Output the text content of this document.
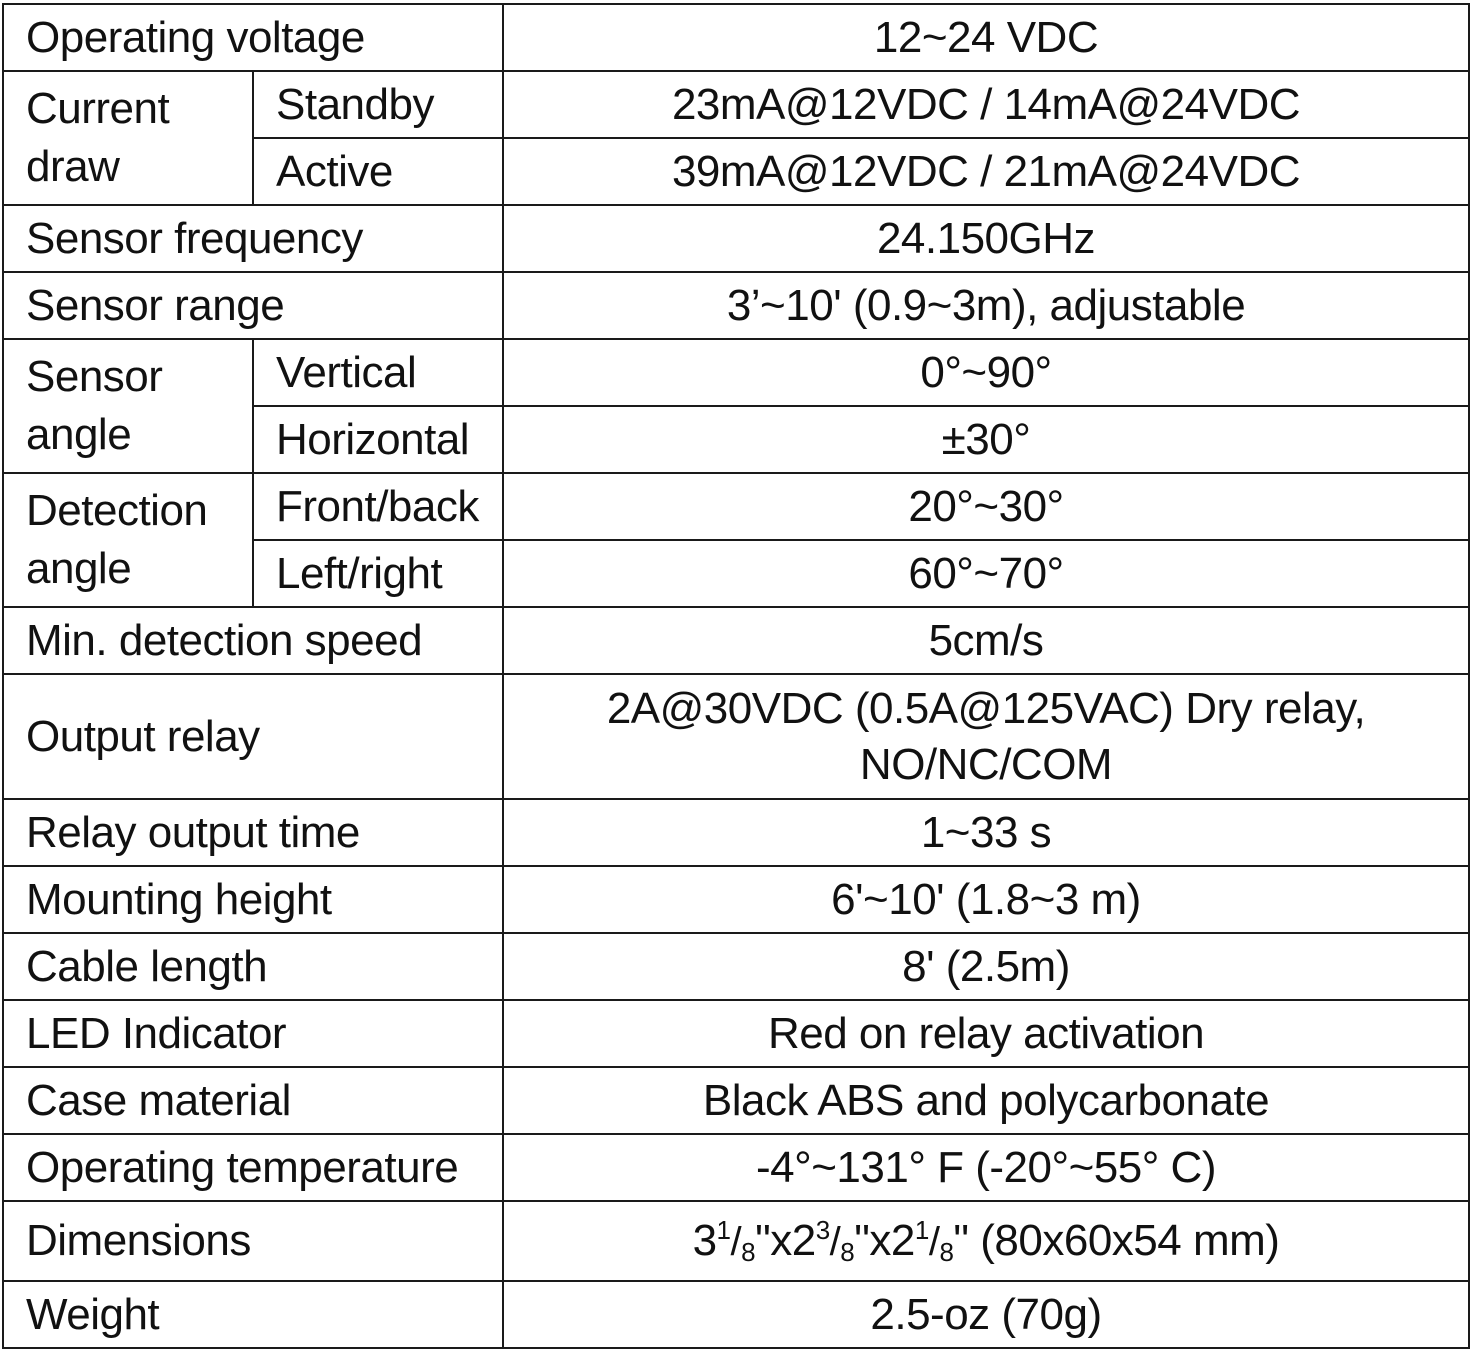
Operating voltage		12~24 VDC
Current
draw	Standby	23mA@12VDC / 14mA@24VDC
	Active	39mA@12VDC / 21mA@24VDC
Sensor frequency		24.150GHz
Sensor range		3’~10' (0.9~3m), adjustable
Sensor
angle	Vertical	0°~90°
	Horizontal	±30°
Detection
angle	Front/back	20°~30°
	Left/right	60°~70°
Min. detection speed		5cm/s
Output relay		2A@30VDC (0.5A@125VAC) Dry relay,
NO/NC/COM
Relay output time		1~33 s
Mounting height		6'~10' (1.8~3 m)
Cable length		8' (2.5m)
LED Indicator		Red on relay activation
Case material		Black ABS and polycarbonate
Operating temperature		-4°~131° F (-20°~55° C)
Dimensions		$3^1/8"x2^3/8"x2^1/8$" (80x60x54 mm)
Weight		2.5-oz (70g)
